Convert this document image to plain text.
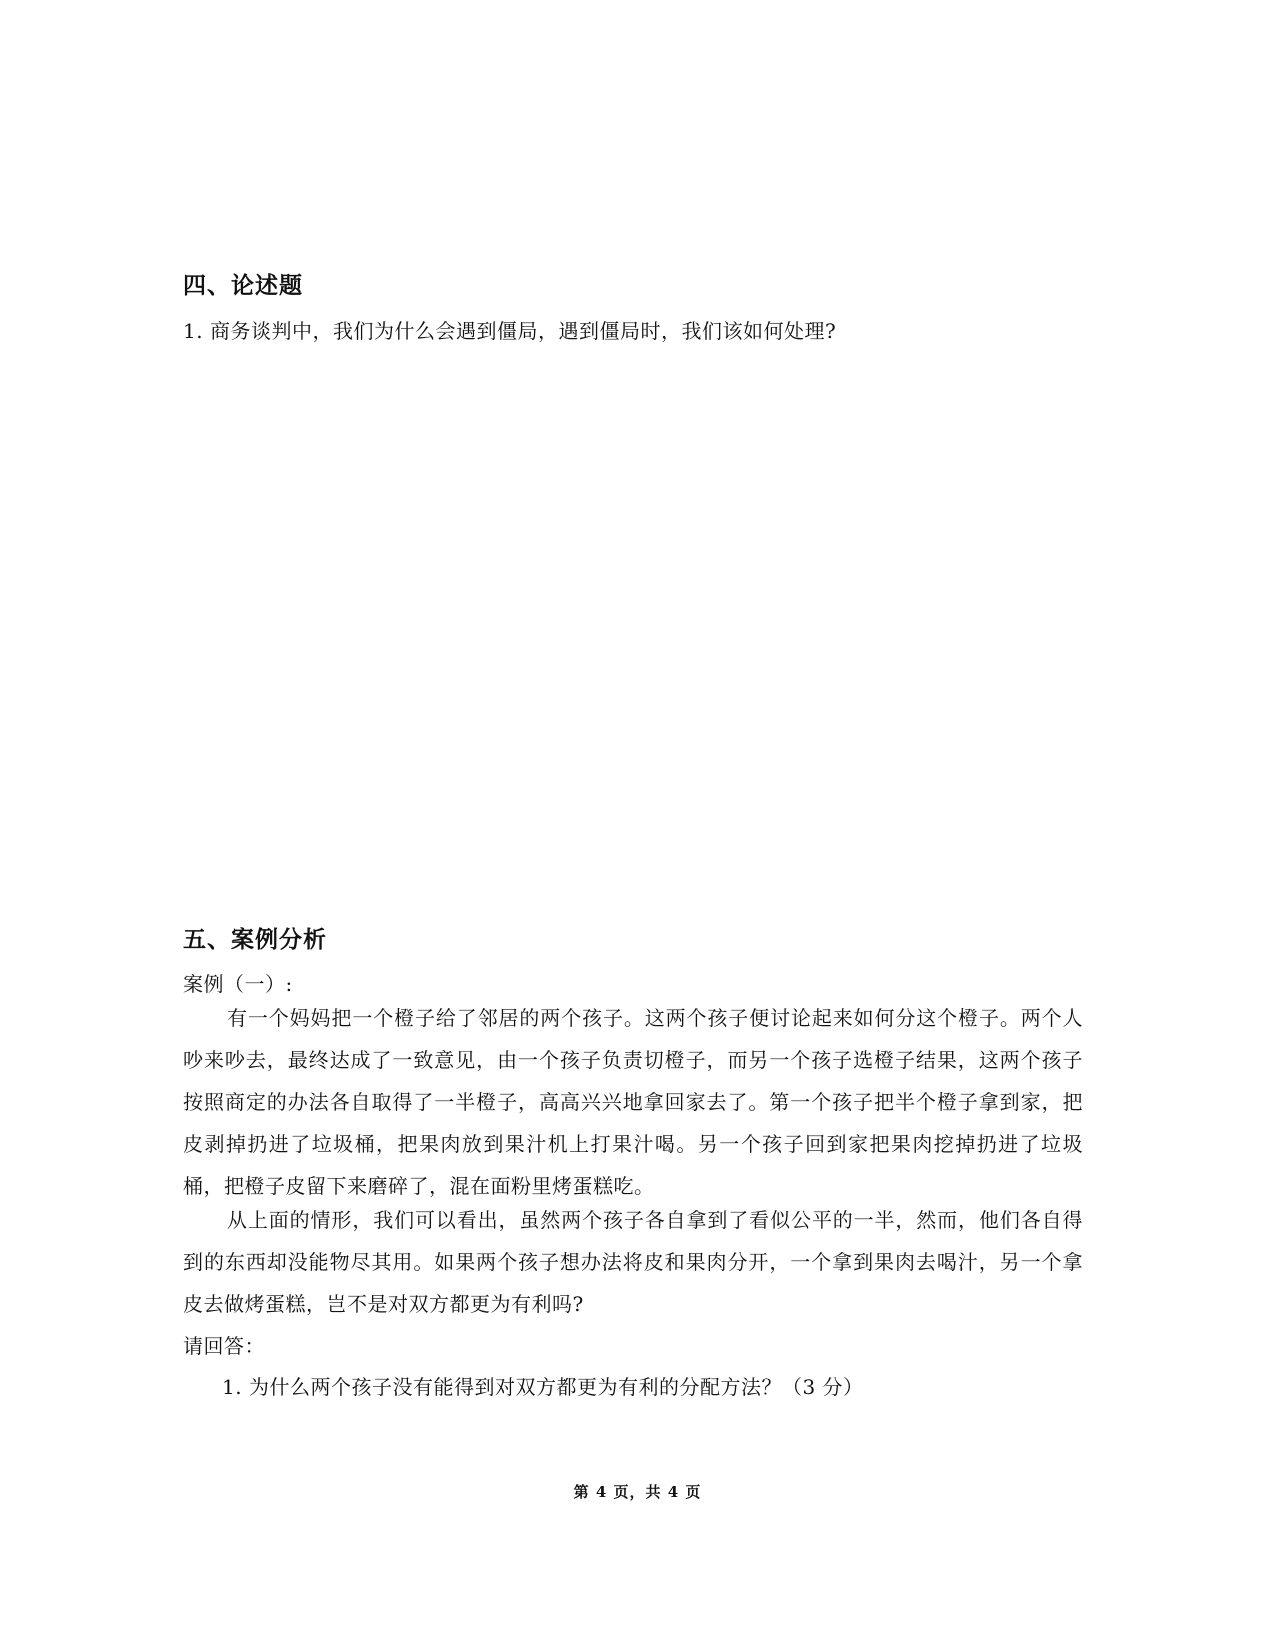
四、论述题
1. 商务谈判中，我们为什么会遇到僵局，遇到僵局时，我们该如何处理?
五、案例分析
案例（一）:
有一个妈妈把一个橙子给了邻居的两个孩子。这两个孩子便讨论起来如何分这个橙子。两个人吵来吵去，最终达成了一致意见，由一个孩子负责切橙子，而另一个孩子选橙子结果，这两个孩子按照商定的办法各自取得了一半橙子，高高兴兴地拿回家去了。第一个孩子把半个橙子拿到家，把皮剥掉扔进了垃圾桶，把果肉放到果汁机上打果汁喝。另一个孩子回到家把果肉挖掉扔进了垃圾桶，把橙子皮留下来磨碎了，混在面粉里烤蛋糕吃。
从上面的情形，我们可以看出，虽然两个孩子各自拿到了看似公平的一半，然而，他们各自得到的东西却没能物尽其用。如果两个孩子想办法将皮和果肉分开，一个拿到果肉去喝汁，另一个拿皮去做烤蛋糕，岂不是对双方都更为有利吗?
请回答：
1. 为什么两个孩子没有能得到对双方都更为有利的分配方法？（3 分）
第 4 页，共 4 页
